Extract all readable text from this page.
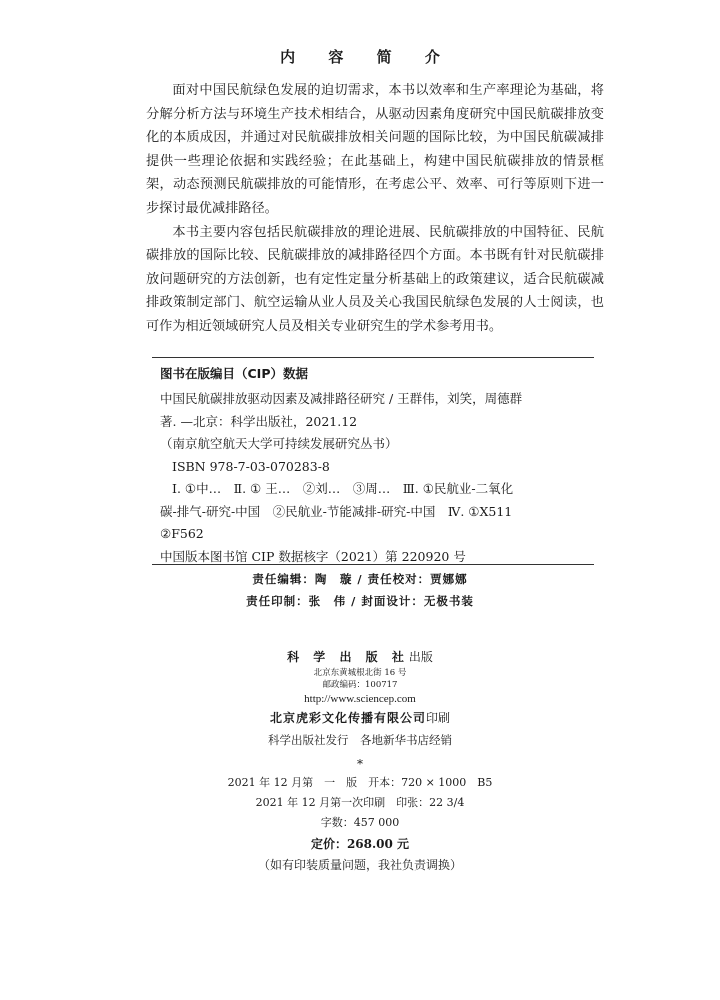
内 容 简 介

面对中国民航绿色发展的迫切需求，本书以效率和生产率理论为基础，将分解分析方法与环境生产技术相结合，从驱动因素角度研究中国民航碳排放变化的本质成因，并通过对民航碳排放相关问题的国际比较，为中国民航碳减排提供一些理论依据和实践经验；在此基础上，构建中国民航碳排放的情景框架，动态预测民航碳排放的可能情形，在考虑公平、效率、可行等原则下进一步探讨最优减排路径。

本书主要内容包括民航碳排放的理论进展、民航碳排放的中国特征、民航碳排放的国际比较、民航碳排放的减排路径四个方面。本书既有针对民航碳排放问题研究的方法创新，也有定性定量分析基础上的政策建议，适合民航碳减排政策制定部门、航空运输从业人员及关心我国民航绿色发展的人士阅读，也可作为相近领域研究人员及相关专业研究生的学术参考用书。

图书在版编目（CIP）数据
中国民航碳排放驱动因素及减排路径研究 / 王群伟，刘笑，周德群
著. —北京：科学出版社，2021.12
（南京航空航天大学可持续发展研究丛书）
ISBN 978-7-03-070283-8
Ⅰ. ①中…　Ⅱ. ① 王…　②刘…　③周…　Ⅲ. ①民航业-二氧化
碳-排气-研究-中国　②民航业-节能减排-研究-中国　Ⅳ. ①X511
②F562
中国版本图书馆 CIP 数据核字（2021）第 220920 号
责任编辑：陶　璇 / 责任校对：贾娜娜
责任印制：张　伟 / 封面设计：无极书装
科 学 出 版 社出版
北京东黄城根北街 16 号
邮政编码：100717
http://www.sciencep.com
北京虎彩文化传播有限公司印刷
科学出版社发行　各地新华书店经销
*
2021 年 12 月第　一　版　开本：720 × 1000　B5
2021 年 12 月第一次印刷　印张：22 3/4
字数：457 000
定价：268.00 元
（如有印装质量问题，我社负责调换）
